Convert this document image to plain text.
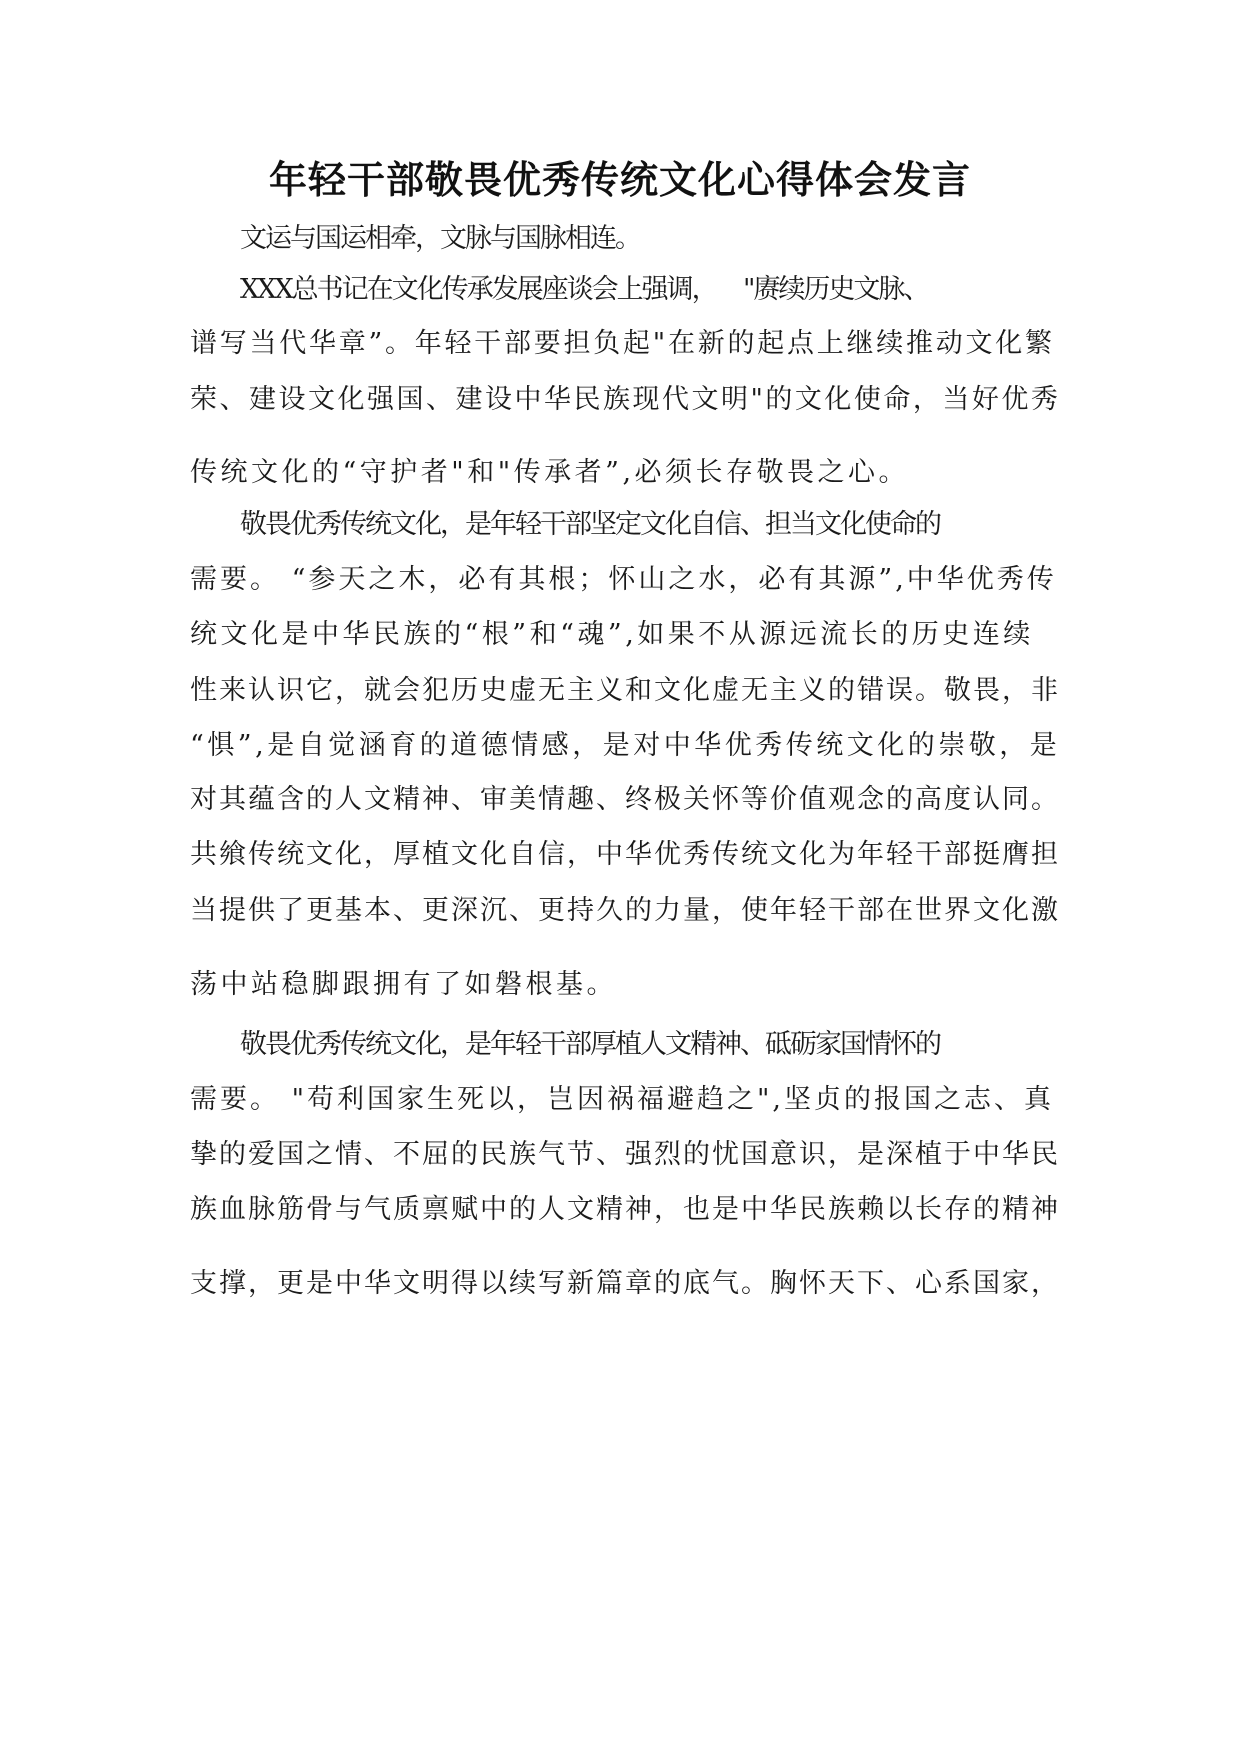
年轻干部敬畏优秀传统文化心得体会发言
文运与国运相牵，文脉与国脉相连。
XXX总书记在文化传承发展座谈会上强调，    "赓续历史文脉、
谱写当代华章”。年轻干部要担负起"在新的起点上继续推动文化繁
荣、建设文化强国、建设中华民族现代文明"的文化使命，当好优秀
传统文化的“守护者"和"传承者”,必须长存敬畏之心。
敬畏优秀传统文化，是年轻干部坚定文化自信、担当文化使命的
需要。 “参天之木，必有其根；怀山之水，必有其源”,中华优秀传
统文化是中华民族的“根”和“魂”,如果不从源远流长的历史连续
性来认识它，就会犯历史虚无主义和文化虚无主义的错误。敬畏，非
“惧”,是自觉涵育的道德情感，是对中华优秀传统文化的崇敬，是
对其蕴含的人文精神、审美情趣、终极关怀等价值观念的高度认同。
共飨传统文化，厚植文化自信，中华优秀传统文化为年轻干部挺膺担
当提供了更基本、更深沉、更持久的力量，使年轻干部在世界文化激
荡中站稳脚跟拥有了如磐根基。
敬畏优秀传统文化，是年轻干部厚植人文精神、砥砺家国情怀的
需要。 "苟利国家生死以，岂因祸福避趋之",坚贞的报国之志、真
挚的爱国之情、不屈的民族气节、强烈的忧国意识，是深植于中华民
族血脉筋骨与气质禀赋中的人文精神，也是中华民族赖以长存的精神
支撑，更是中华文明得以续写新篇章的底气。胸怀天下、心系国家，
